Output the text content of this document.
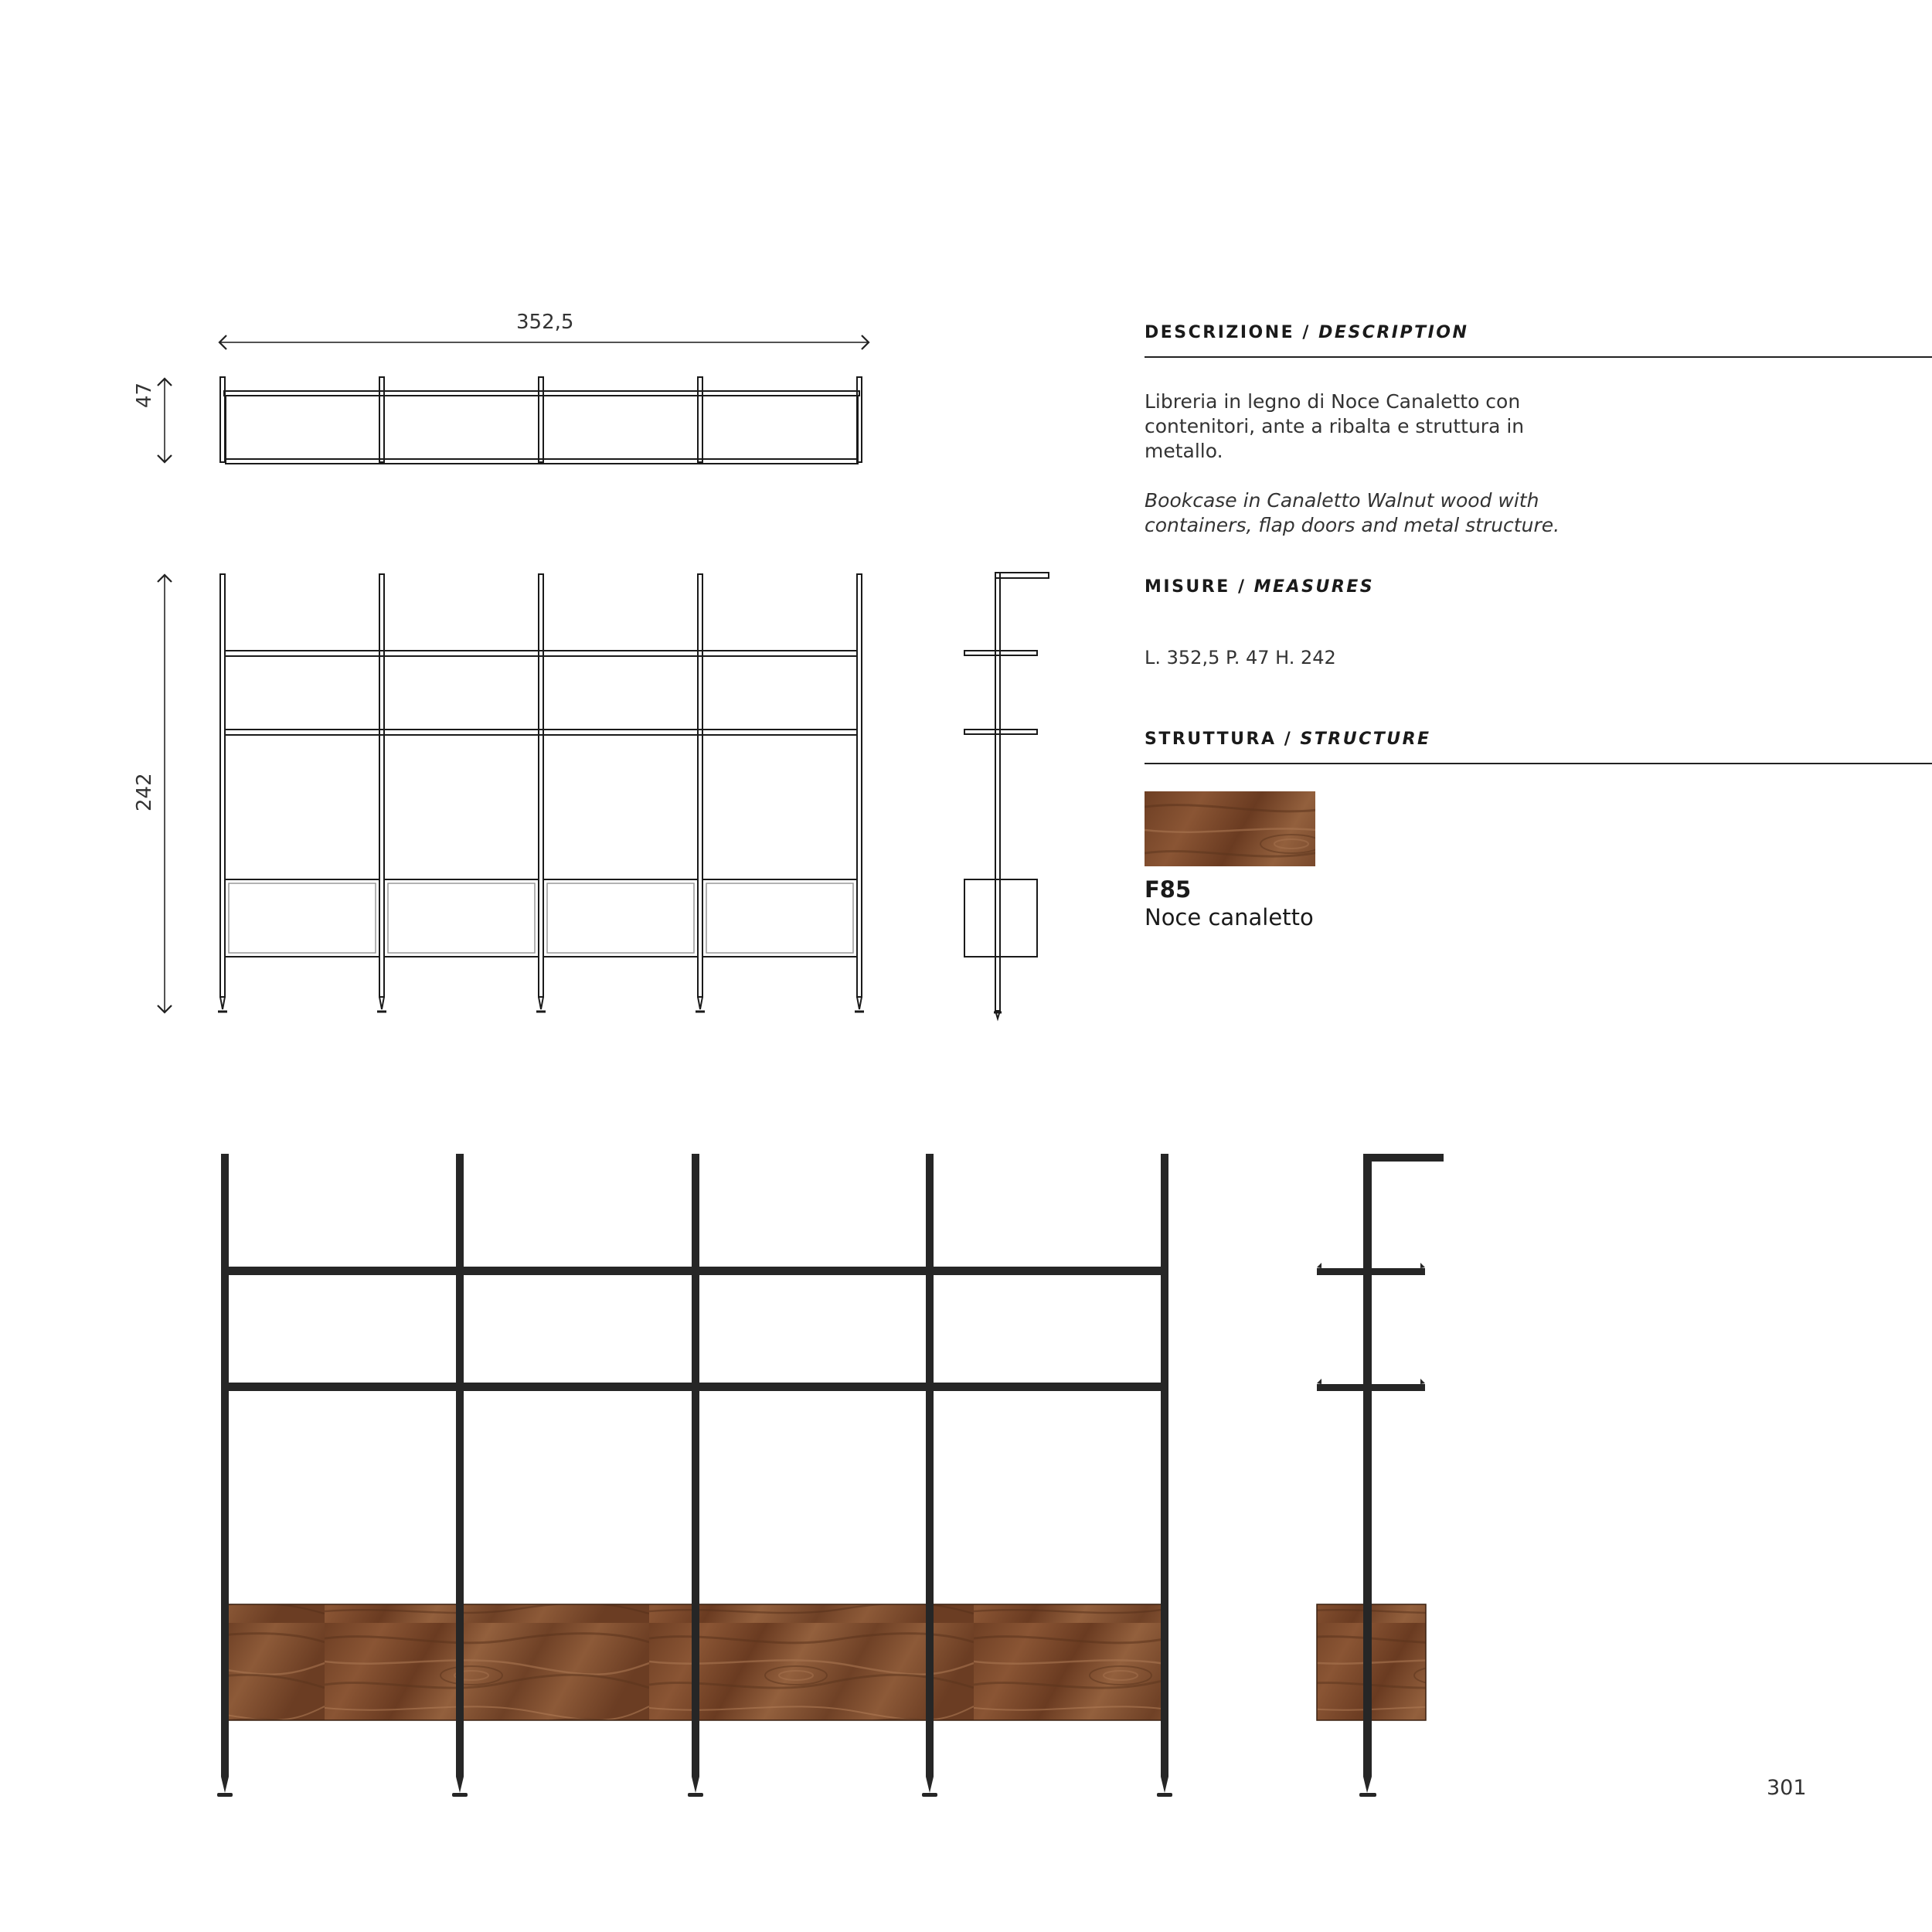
352,5
47
242
DESCRIZIONE / DESCRIPTION
Libreria in legno di Noce Canaletto con contenitori, ante a ribalta e struttura in metallo.
Bookcase in Canaletto Walnut wood with containers, flap doors and metal structure.
MISURE / MEASURES
L. 352,5 P. 47 H. 242
STRUTTURA / STRUCTURE
F85
Noce canaletto
301
